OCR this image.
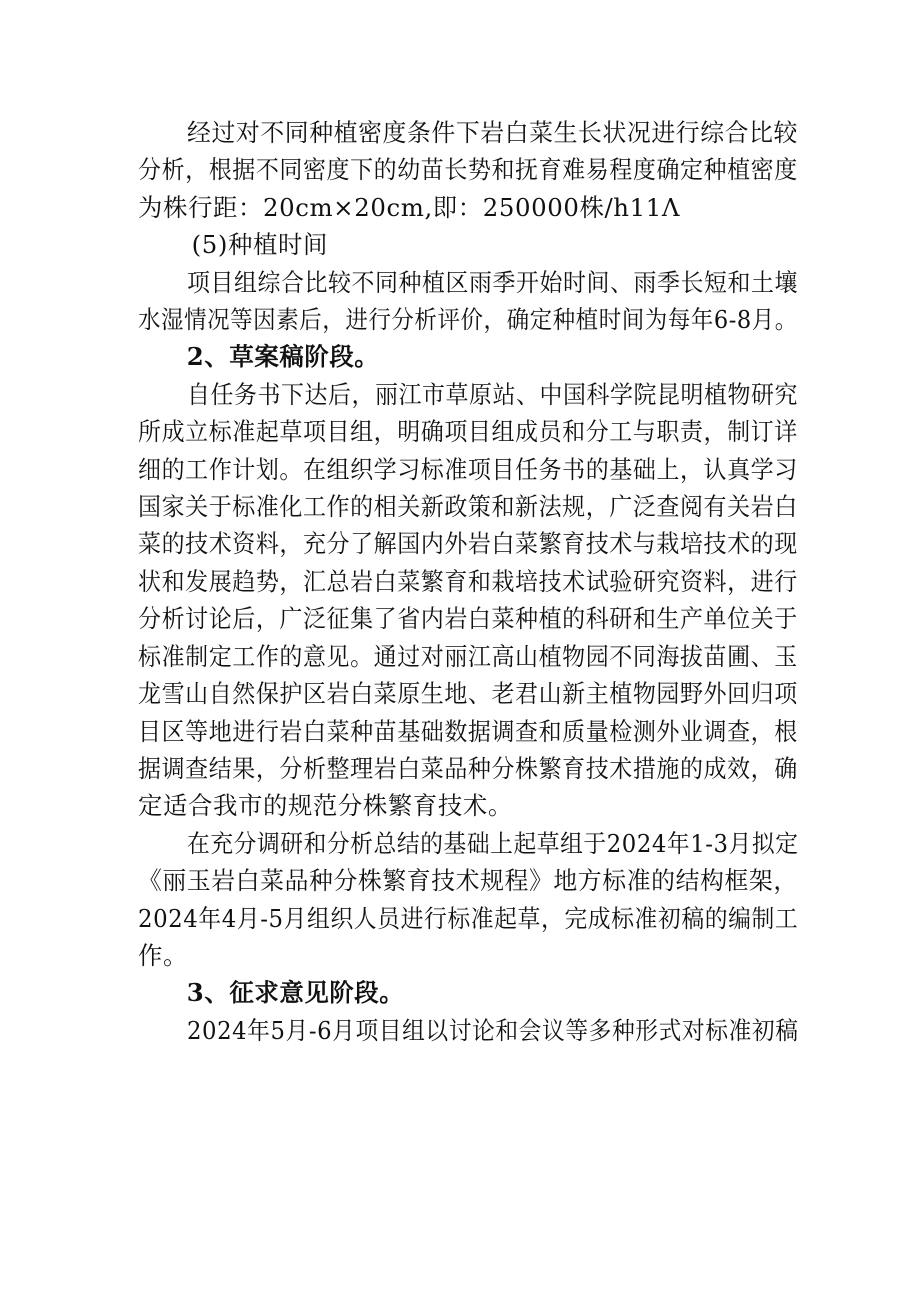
经过对不同种植密度条件下岩白菜生长状况进行综合比较
分析，根据不同密度下的幼苗长势和抚育难易程度确定种植密度
为株行距：20cm×20cm,即：250000株/h11Λ
(5)种植时间
项目组综合比较不同种植区雨季开始时间、雨季长短和土壤
水湿情况等因素后，进行分析评价，确定种植时间为每年6-8月。
2、草案稿阶段。
自任务书下达后，丽江市草原站、中国科学院昆明植物研究
所成立标准起草项目组，明确项目组成员和分工与职责，制订详
细的工作计划。在组织学习标准项目任务书的基础上，认真学习
国家关于标准化工作的相关新政策和新法规，广泛查阅有关岩白
菜的技术资料，充分了解国内外岩白菜繁育技术与栽培技术的现
状和发展趋势，汇总岩白菜繁育和栽培技术试验研究资料，进行
分析讨论后，广泛征集了省内岩白菜种植的科研和生产单位关于
标准制定工作的意见。通过对丽江高山植物园不同海拔苗圃、玉
龙雪山自然保护区岩白菜原生地、老君山新主植物园野外回归项
目区等地进行岩白菜种苗基础数据调查和质量检测外业调查，根
据调查结果，分析整理岩白菜品种分株繁育技术措施的成效，确
定适合我市的规范分株繁育技术。
在充分调研和分析总结的基础上起草组于2024年1-3月拟定
《丽玉岩白菜品种分株繁育技术规程》地方标准的结构框架，
2024年4月-5月组织人员进行标准起草，完成标准初稿的编制工
作。
3、征求意见阶段。
2024年5月-6月项目组以讨论和会议等多种形式对标准初稿
